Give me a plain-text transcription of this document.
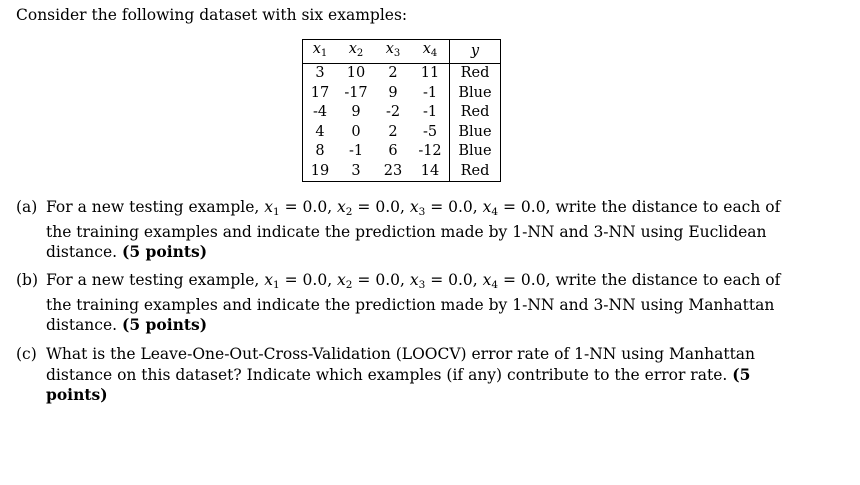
Consider the following dataset with six examples:
$x_1$	$x_2$	$x_3$	$x_4$	y
3	10	2	11	Red
17	-17	9	-1	Blue
-4	9	-2	-1	Red
4	0	2	-5	Blue
8	-1	6	-12	Blue
19	3	23	14	Red
(a) For a new testing example, $x_1 = 0.0$, $x_2 = 0.0$, $x_3 = 0.0$, $x_4 = 0.0$, write the distance to each of the training examples and indicate the prediction made by 1-NN and 3-NN using Euclidean distance. (5 points)
(b) For a new testing example, $x_1 = 0.0$, $x_2 = 0.0$, $x_3 = 0.0$, $x_4 = 0.0$, write the distance to each of the training examples and indicate the prediction made by 1-NN and 3-NN using Manhattan distance. (5 points)
(c) What is the Leave-One-Out-Cross-Validation (LOOCV) error rate of 1-NN using Manhattan distance on this dataset? Indicate which examples (if any) contribute to the error rate. (5 points)
